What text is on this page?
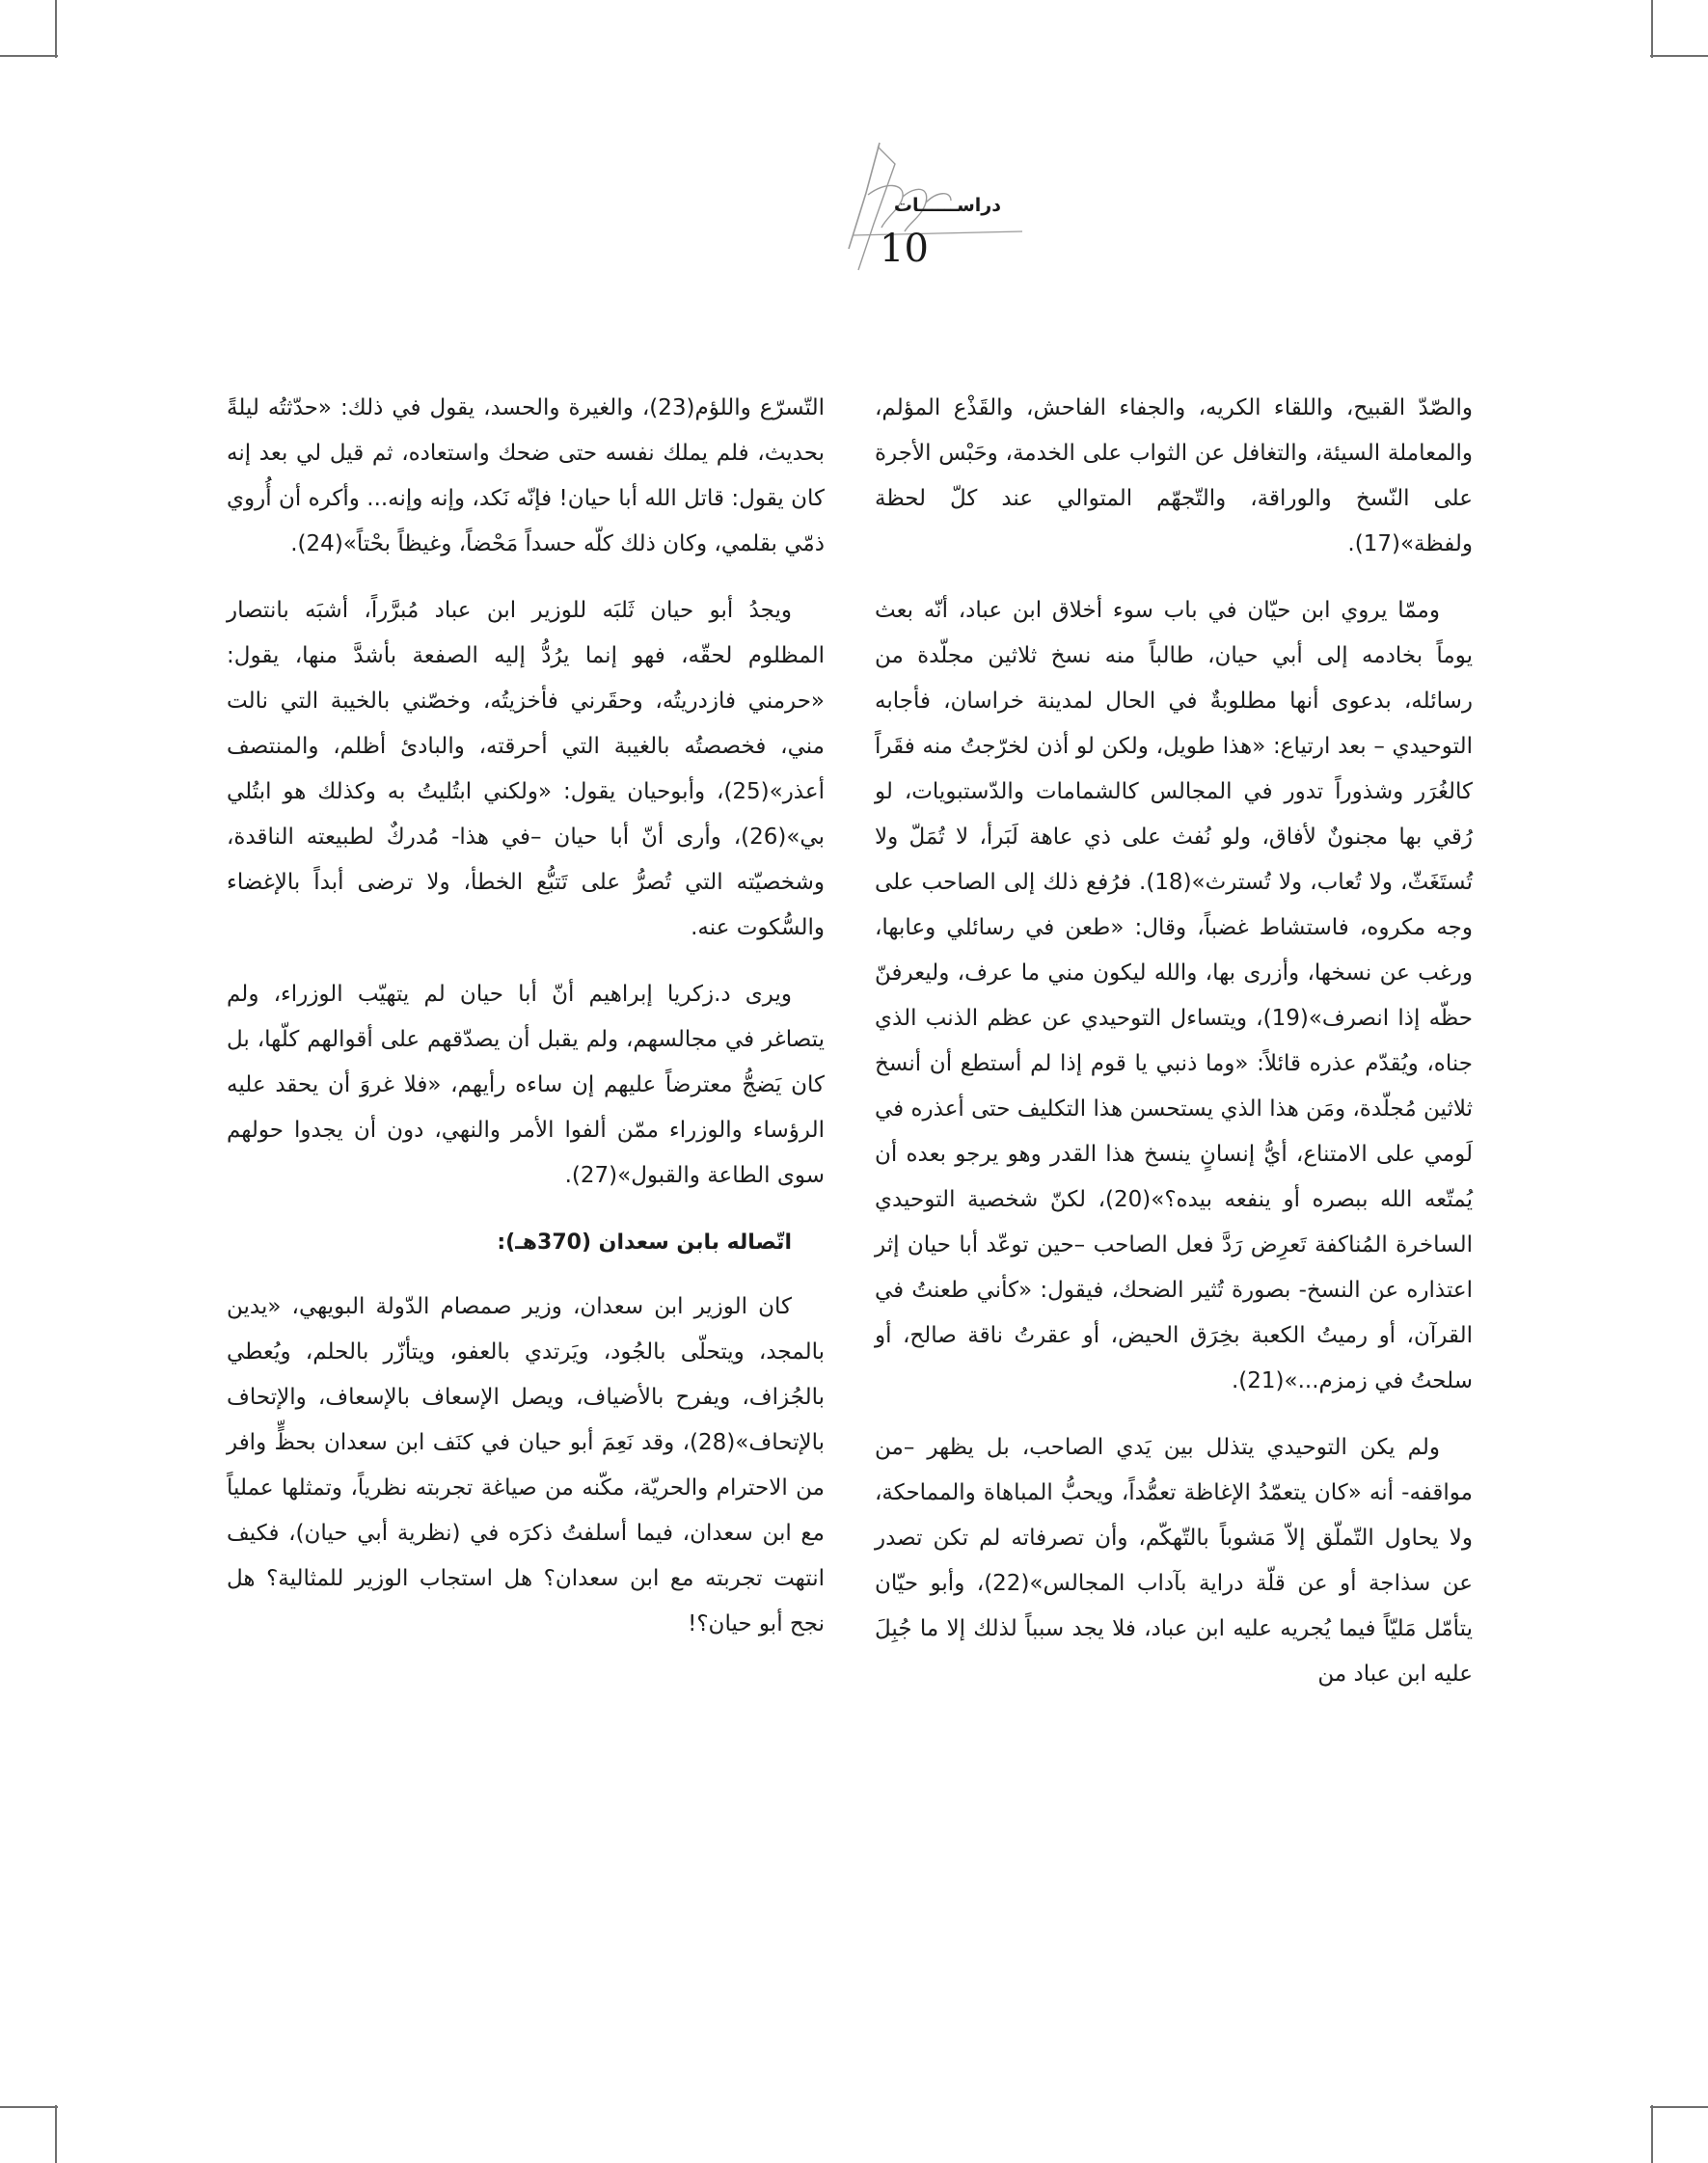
دراســــــات
10

والصّدّ القبيح، واللقاء الكريه، والجفاء الفاحش، والقَذْع المؤلم، والمعاملة السيئة، والتغافل عن الثواب على الخدمة، وحَبْس الأجرة على النّسخ والوراقة، والتّجهّم المتوالي عند كلّ لحظة ولفظة»(17).

وممّا يروي ابن حيّان في باب سوء أخلاق ابن عباد، أنّه بعث يوماً بخادمه إلى أبي حيان، طالباً منه نسخ ثلاثين مجلّدة من رسائله، بدعوى أنها مطلوبةٌ في الحال لمدينة خراسان، فأجابه التوحيدي – بعد ارتياع: «هذا طويل، ولكن لو أذن لخرّجتُ منه فقَراً كالغُرَر وشذوراً تدور في المجالس كالشمامات والدّستبويات، لو رُقي بها مجنونٌ لأفاق، ولو نُفث على ذي عاهة لَبَرأ، لا تُمَلّ ولا تُستَغَثّ، ولا تُعاب، ولا تُسترث»(18). فرُفع ذلك إلى الصاحب على وجه مكروه، فاستشاط غضباً، وقال: «طعن في رسائلي وعابها، ورغب عن نسخها، وأزرى بها، والله ليكون مني ما عرف، وليعرفنّ حظّه إذا انصرف»(19)، ويتساءل التوحيدي عن عظم الذنب الذي جناه، ويُقدّم عذره قائلاً: «وما ذنبي يا قوم إذا لم أستطع أن أنسخ ثلاثين مُجلّدة، ومَن هذا الذي يستحسن هذا التكليف حتى أعذره في لَومي على الامتناع، أيُّ إنسانٍ ينسخ هذا القدر وهو يرجو بعده أن يُمتّعه الله ببصره أو ينفعه بيده؟»(20)، لكنّ شخصية التوحيدي الساخرة المُناكفة تَعرِض رَدَّ فعل الصاحب –حين توعّد أبا حيان إثر اعتذاره عن النسخ- بصورة تُثير الضحك، فيقول: «كأني طعنتُ في القرآن، أو رميتُ الكعبة بخِرَق الحيض، أو عقرتُ ناقة صالح، أو سلحتُ في زمزم...»(21).

ولم يكن التوحيدي يتذلل بين يَدي الصاحب، بل يظهر –من مواقفه- أنه «كان يتعمّدُ الإغاظة تعمُّداً، ويحبُّ المباهاة والمماحكة، ولا يحاول التّملّق إلاّ مَشوباً بالتّهكّم، وأن تصرفاته لم تكن تصدر عن سذاجة أو عن قلّة دراية بآداب المجالس»(22)، وأبو حيّان يتأمّل مَليّاً فيما يُجريه عليه ابن عباد، فلا يجد سبباً لذلك إلا ما جُبِلَ عليه ابن عباد من

التّسرّع واللؤم(23)، والغيرة والحسد، يقول في ذلك: «حدّثتُه ليلةً بحديث، فلم يملك نفسه حتى ضحك واستعاده، ثم قيل لي بعد إنه كان يقول: قاتل الله أبا حيان! فإنّه نَكد، وإنه وإنه... وأكره أن أُروي ذمّي بقلمي، وكان ذلك كلّه حسداً مَحْضاً، وغيظاً بحْتاً»(24).

ويجدُ أبو حيان ثَلبَه للوزير ابن عباد مُبرَّراً، أشبَه بانتصار المظلوم لحقّه، فهو إنما يرُدُّ إليه الصفعة بأشدَّ منها، يقول: «حرمني فازدريتُه، وحقَرني فأخزيتُه، وخصّني بالخيبة التي نالت مني، فخصصتُه بالغيبة التي أحرقته، والبادئ أظلم، والمنتصف أعذر»(25)، وأبوحيان يقول: «ولكني ابتُليتُ به وكذلك هو ابتُلي بي»(26)، وأرى أنّ أبا حيان –في هذا- مُدركٌ لطبيعته الناقدة، وشخصيّته التي تُصرُّ على تَتبُّع الخطأ، ولا ترضى أبداً بالإغضاء والسُّكوت عنه.

ويرى د.زكريا إبراهيم أنّ أبا حيان لم يتهيّب الوزراء، ولم يتصاغر في مجالسهم، ولم يقبل أن يصدّقهم على أقوالهم كلّها، بل كان يَضجُّ معترضاً عليهم إن ساءه رأيهم، «فلا غروَ أن يحقد عليه الرؤساء والوزراء ممّن ألفوا الأمر والنهي، دون أن يجدوا حولهم سوى الطاعة والقبول»(27).

اتّصاله بابن سعدان (370هـ):

كان الوزير ابن سعدان، وزير صمصام الدّولة البويهي، «يدين بالمجد، ويتحلّى بالجُود، ويَرتدي بالعفو، ويتأزّر بالحلم، ويُعطي بالجُزاف، ويفرح بالأضياف، ويصل الإسعاف بالإسعاف، والإتحاف بالإتحاف»(28)، وقد نَعِمَ أبو حيان في كنَف ابن سعدان بحظٍّ وافر من الاحترام والحريّة، مكّنه من صياغة تجربته نظرياً، وتمثلها عملياً مع ابن سعدان، فيما أسلفتُ ذكرَه في (نظرية أبي حيان)، فكيف انتهت تجربته مع ابن سعدان؟ هل استجاب الوزير للمثالية؟ هل نجح أبو حيان؟!
